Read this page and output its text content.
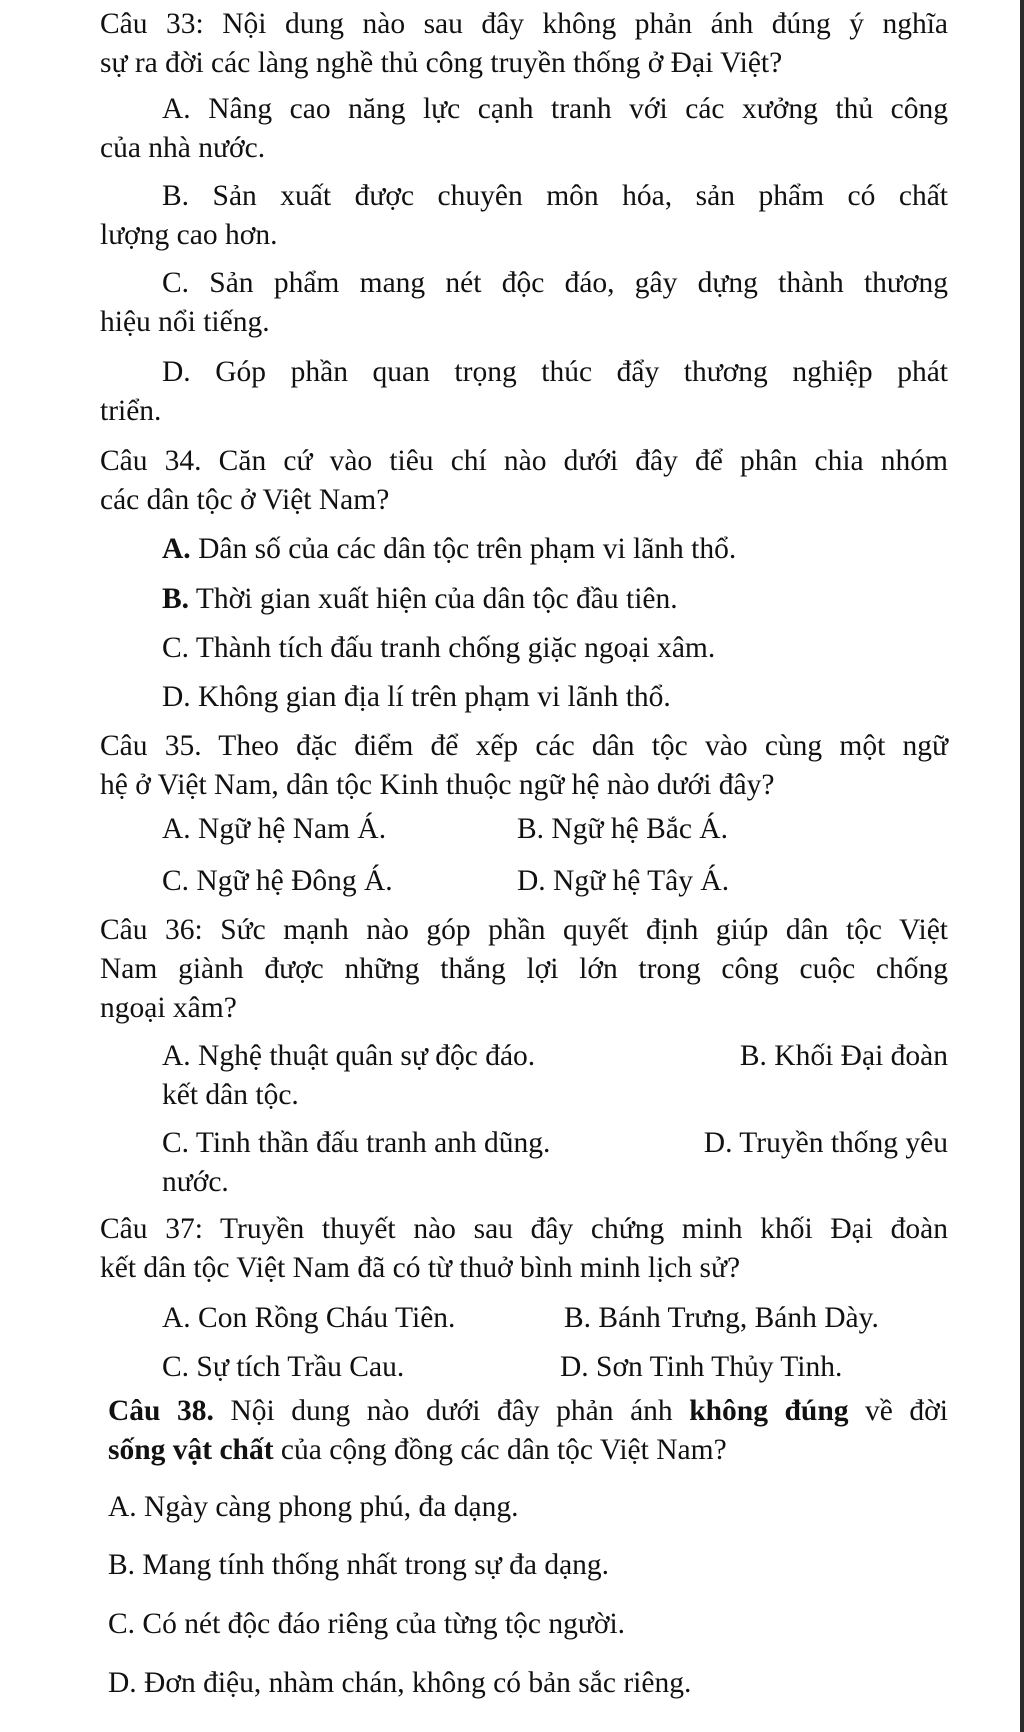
Câu 33: Nội dung nào sau đây không phản ánh đúng ý nghĩa
sự ra đời các làng nghề thủ công truyền thống ở Đại Việt?

A. Nâng cao năng lực cạnh tranh với các xưởng thủ công
của nhà nước.

B. Sản xuất được chuyên môn hóa, sản phẩm có chất
lượng cao hơn.

C. Sản phẩm mang nét độc đáo, gây dựng thành thương
hiệu nổi tiếng.

D. Góp phần quan trọng thúc đẩy thương nghiệp phát
triển.

Câu 34. Căn cứ vào tiêu chí nào dưới đây để phân chia nhóm
các dân tộc ở Việt Nam?

A. Dân số của các dân tộc trên phạm vi lãnh thổ.

B. Thời gian xuất hiện của dân tộc đầu tiên.

C. Thành tích đấu tranh chống giặc ngoại xâm.

D. Không gian địa lí trên phạm vi lãnh thổ.

Câu 35. Theo đặc điểm để xếp các dân tộc vào cùng một ngữ
hệ ở Việt Nam, dân tộc Kinh thuộc ngữ hệ nào dưới đây?

A. Ngữ hệ Nam Á.	B. Ngữ hệ Bắc Á.

C. Ngữ hệ Đông Á.	D. Ngữ hệ Tây Á.

Câu 36: Sức mạnh nào góp phần quyết định giúp dân tộc Việt
Nam giành được những thắng lợi lớn trong công cuộc chống
ngoại xâm?

A. Nghệ thuật quân sự độc đáo.	B. Khối Đại đoàn

kết dân tộc.

C. Tinh thần đấu tranh anh dũng.	D. Truyền thống yêu

nước.

Câu 37: Truyền thuyết nào sau đây chứng minh khối Đại đoàn
kết dân tộc Việt Nam đã có từ thuở bình minh lịch sử?

A. Con Rồng Cháu Tiên.	B. Bánh Trưng, Bánh Dày.

C. Sự tích Trầu Cau.	D. Sơn Tinh Thủy Tinh.

Câu 38. Nội dung nào dưới đây phản ánh không đúng về đời
sống vật chất của cộng đồng các dân tộc Việt Nam?

A. Ngày càng phong phú, đa dạng.

B. Mang tính thống nhất trong sự đa dạng.

C. Có nét độc đáo riêng của từng tộc người.

D. Đơn điệu, nhàm chán, không có bản sắc riêng.
